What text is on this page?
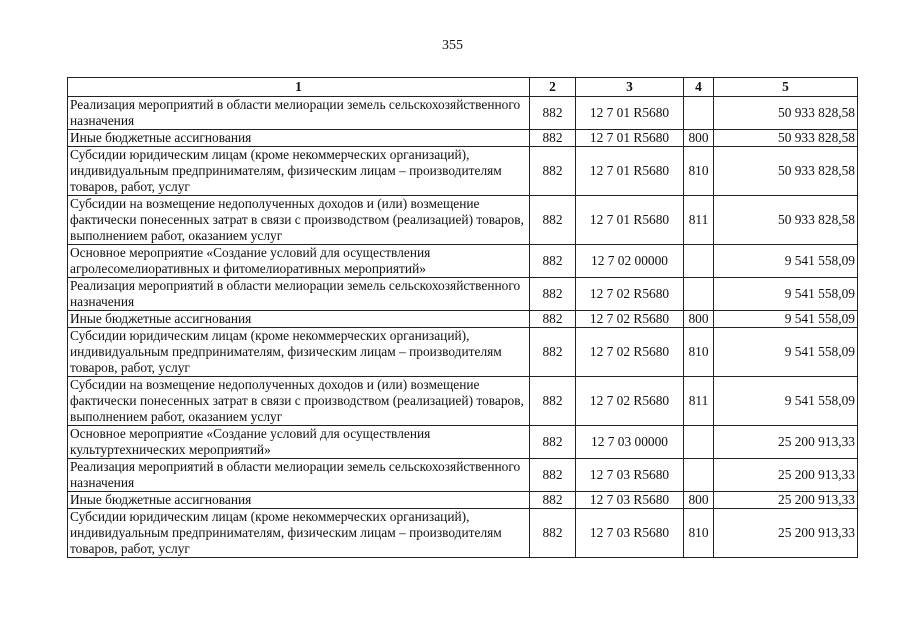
355
1	2	3	4	5
Реализация мероприятий в области мелиорации земель сельскохозяйственного назначения	882	12 7 01 R5680		50 933 828,58
Иные бюджетные ассигнования	882	12 7 01 R5680	800	50 933 828,58
Субсидии юридическим лицам (кроме некоммерческих организаций), индивидуальным предпринимателям, физическим лицам – производителям товаров, работ, услуг	882	12 7 01 R5680	810	50 933 828,58
Субсидии на возмещение недополученных доходов и (или) возмещение фактически понесенных затрат в связи с производством (реализацией) товаров, выполнением работ, оказанием услуг	882	12 7 01 R5680	811	50 933 828,58
Основное мероприятие «Создание условий для осуществления агролесомелиоративных и фитомелиоративных мероприятий»	882	12 7 02 00000		9 541 558,09
Реализация мероприятий в области мелиорации земель сельскохозяйственного назначения	882	12 7 02 R5680		9 541 558,09
Иные бюджетные ассигнования	882	12 7 02 R5680	800	9 541 558,09
Субсидии юридическим лицам (кроме некоммерческих организаций), индивидуальным предпринимателям, физическим лицам – производителям товаров, работ, услуг	882	12 7 02 R5680	810	9 541 558,09
Субсидии на возмещение недополученных доходов и (или) возмещение фактически понесенных затрат в связи с производством (реализацией) товаров, выполнением работ, оказанием услуг	882	12 7 02 R5680	811	9 541 558,09
Основное мероприятие «Создание условий для осуществления культуртехнических мероприятий»	882	12 7 03 00000		25 200 913,33
Реализация мероприятий в области мелиорации земель сельскохозяйственного назначения	882	12 7 03 R5680		25 200 913,33
Иные бюджетные ассигнования	882	12 7 03 R5680	800	25 200 913,33
Субсидии юридическим лицам (кроме некоммерческих организаций), индивидуальным предпринимателям, физическим лицам – производителям товаров, работ, услуг	882	12 7 03 R5680	810	25 200 913,33
